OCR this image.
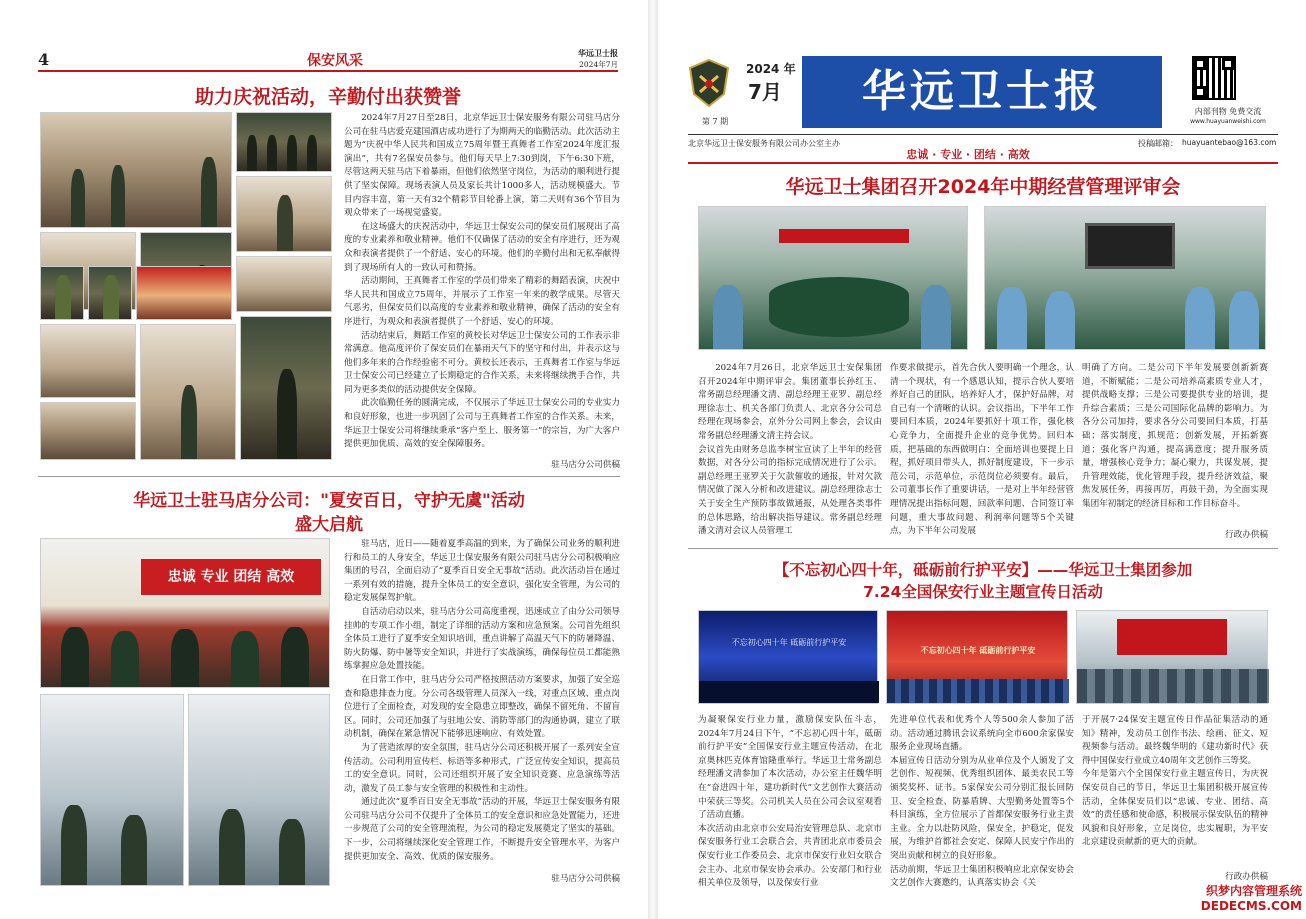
4	保安风采	华远卫士报
2024年7月
助力庆祝活动，辛勤付出获赞誉

2024年7月27日至28日，北京华远卫士保安服务有限公司驻马店分公司在驻马店爱克建国酒店成功进行了为期两天的临勤活动。此次活动主题为“庆祝中华人民共和国成立75周年暨王真舞者工作室2024年度汇报演出”，共有7名保安员参与。他们每天早上7:30到岗，下午6:30下班，尽管这两天驻马店下着暴雨，但他们依然坚守岗位，为活动的顺利进行提供了坚实保障。现场表演人员及家长共计1000多人，活动规模盛大。节目内容丰富，第一天有32个精彩节目轮番上演，第二天则有36个节目为观众带来了一场视觉盛宴。

在这场盛大的庆祝活动中，华远卫士保安公司的保安员们展现出了高度的专业素养和敬业精神。他们不仅确保了活动的安全有序进行，还为观众和表演者提供了一个舒适、安心的环境。他们的辛勤付出和无私奉献得到了现场所有人的一致认可和赞扬。

活动期间，王真舞者工作室的学员们带来了精彩的舞蹈表演，庆祝中华人民共和国成立75周年，并展示了工作室一年来的教学成果。尽管天气恶劣，但保安员们以高度的专业素养和敬业精神，确保了活动的安全有序进行，为观众和表演者提供了一个舒适、安心的环境。

活动结束后，舞蹈工作室的黄校长对华远卫士保安公司的工作表示非常满意。他高度评价了保安员们在暴雨天气下的坚守和付出，并表示这与他们多年来的合作经验密不可分。黄校长还表示，王真舞者工作室与华远卫士保安公司已经建立了长期稳定的合作关系，未来将继续携手合作，共同为更多类似的活动提供安全保障。

此次临勤任务的圆满完成，不仅展示了华远卫士保安公司的专业实力和良好形象，也进一步巩固了公司与王真舞者工作室的合作关系。未来，华远卫士保安公司将继续秉承“客户至上、服务第一”的宗旨，为广大客户提供更加优质、高效的安全保障服务。

驻马店分公司供稿
华远卫士驻马店分公司："夏安百日，守护无虞"活动
盛大启航
忠诚 专业 团结 高效

驻马店，近日——随着夏季高温的到来，为了确保公司业务的顺利进行和员工的人身安全，华远卫士保安服务有限公司驻马店分公司积极响应集团的号召，全面启动了“夏季百日安全无事故”活动。此次活动旨在通过一系列有效的措施，提升全体员工的安全意识，强化安全管理，为公司的稳定发展保驾护航。

自活动启动以来，驻马店分公司高度重视，迅速成立了由分公司领导挂帅的专项工作小组，制定了详细的活动方案和应急预案。公司首先组织全体员工进行了夏季安全知识培训，重点讲解了高温天气下的防暑降温、防火防爆、防中暑等安全知识，并进行了实战演练，确保每位员工都能熟练掌握应急处置技能。

在日常工作中，驻马店分公司严格按照活动方案要求，加强了安全巡查和隐患排查力度。分公司各级管理人员深入一线，对重点区域、重点岗位进行了全面检查，对发现的安全隐患立即整改，确保不留死角、不留盲区。同时，公司还加强了与驻地公安、消防等部门的沟通协调，建立了联动机制，确保在紧急情况下能够迅速响应、有效处置。

为了营造浓厚的安全氛围，驻马店分公司还积极开展了一系列安全宣传活动。公司利用宣传栏、标语等多种形式，广泛宣传安全知识，提高员工的安全意识。同时，公司还组织开展了安全知识竞赛、应急演练等活动，激发了员工参与安全管理的积极性和主动性。

通过此次“夏季百日安全无事故”活动的开展，华远卫士保安服务有限公司驻马店分公司不仅提升了全体员工的安全意识和应急处置能力，还进一步规范了公司的安全管理流程，为公司的稳定发展奠定了坚实的基础。下一步，公司将继续深化安全管理工作，不断提升安全管理水平，为客户提供更加安全、高效、优质的保安服务。

驻马店分公司供稿
2024 年
7月
第 7 期
华远卫士报	内部刊物 免费交流
www.huayuanweishi.com
北京华远卫士保安服务有限公司办公室主办	投稿邮箱： huayuantebao@163.com
忠诚 · 专业 · 团结 · 高效
华远卫士集团召开2024年中期经营管理评审会
2024年7月26日，北京华远卫士安保集团召开2024年中期评审会。集团董事长孙红玉、常务副总经理潘文清、副总经理王亚罗、副总经理徐志士、机关各部门负责人、北京各分公司总经理在现场参会，京外分公司网上参会，会议由常务副总经理潘文清主持会议。
会议首先由财务总监李树宝宣读了上半年的经营数据，对各分公司的指标完成情况进行了公示。副总经理王亚罗关于欠款催收的通报，针对欠款情况做了深入分析和改进建议。副总经理徐志士关于安全生产预防事故做通报，从处理各类事件的总体思路，给出解决指导建议。常务副总经理潘文清对会议人员管理工
作要求做提示，首先合伙人要明确一个理念，认清一个现状，有一个感恩认知，提示合伙人要培养好自己的团队，培养好人才，保护好品牌，对自己有一个清晰的认识。会议指出，下半年工作要回归本质，2024年要抓好十项工作，强化核心竞争力，全面提升企业的竞争优势。回归本质，把基础的东西做明白：全面培训也要提上日程，抓好项目带头人，抓好制度建设，下一步示范公司，示范单位，示范岗位必须要有。最后，公司董事长作了重要讲话，一是对上半年经营管理情况提出指标问题，回款率问题、合同签订率问题，重大事故问题、利润率问题等5个关键点，为下半年公司发展
明确了方向。二是公司下半年发展要创新新赛道，不断赋能；二是公司培养高素质专业人才，提供战略支撑；三是公司要提供专业的培训，提升综合素质；三是公司国际化品牌的影响力。为各分公司加持，要求各分公司要回归本质，打基础；落实制度，抓规范；创新发展，开拓新赛道；强化客户沟通，提高满意度；提升服务质量，增强核心竞争力；凝心聚力，共谋发展，提升管理效能，优化管理手段，提升经济效益，聚焦发展任务，再接再厉，再鼓干劲，为全面实现集团年初制定的经济目标和工作目标奋斗。
行政办供稿
【不忘初心四十年，砥砺前行护平安】——华远卫士集团参加
7.24全国保安行业主题宣传日活动
不忘初心四十年 砥砺前行护平安
不忘初心四十年 砥砺前行护平安
为凝聚保安行业力量，激励保安队伍斗志，2024年7月24日下午，“不忘初心四十年，砥砺前行护平安”全国保安行业主题宣传活动，在北京奥林匹克体育馆隆重举行。华远卫士常务副总经理潘文清参加了本次活动，办公室主任魏华明在“奋进四十年，建功新时代”文艺创作大赛活动中荣获三等奖。公司机关人员在公司会议室观看了活动直播。
本次活动由北京市公安局治安管理总队、北京市保安服务行业工会联合会，共青团北京市委员会保安行业工作委员会、北京市保安行业妇女联合会主办、北京市保安协会承办。公安部门和行业相关单位及领导，以及保安行业
先进单位代表和优秀个人等500余人参加了活动。活动通过腾讯会议系统向全市600余家保安服务企业现场直播。
本届宣传日活动分别为从业单位及个人颁发了文艺创作、短视频、优秀组织团体、最美农民工等颁奖奖杯、证书。5家保安公司分别汇报长回防卫、安全检查、防暴盾牌、大型勤务处置等5个科目演练，全方位展示了首都保安服务行业主责主业。全力以赴防风险，保安全，护稳定，促发展，为维护首都社会安定、保障人民安宁作出的突出贡献和树立的良好形象。
活动前期，华远卫士集团积极响应北京保安协会文艺创作大赛邀约，认真落实协会《关
于开展7·24保安主题宣传日作品征集活动的通知》精神，发动员工创作书法、绘画、征文、短视频参与活动。最终魏华明的《建功新时代》获得中国保安行业成立40周年文艺创作三等奖。
今年是第六个全国保安行业主题宣传日，为庆祝保安员自己的节日，华远卫士集团积极开展宣传活动，全体保安员们以“忠诚、专业、团结、高效”的责任感和使命感，积极展示保安队伍的精神风貌和良好形象，立足岗位，忠实履职，为平安北京建设贡献新的更大的贡献。
行政办供稿
织梦内容管理系统
DEDECMS.COM
